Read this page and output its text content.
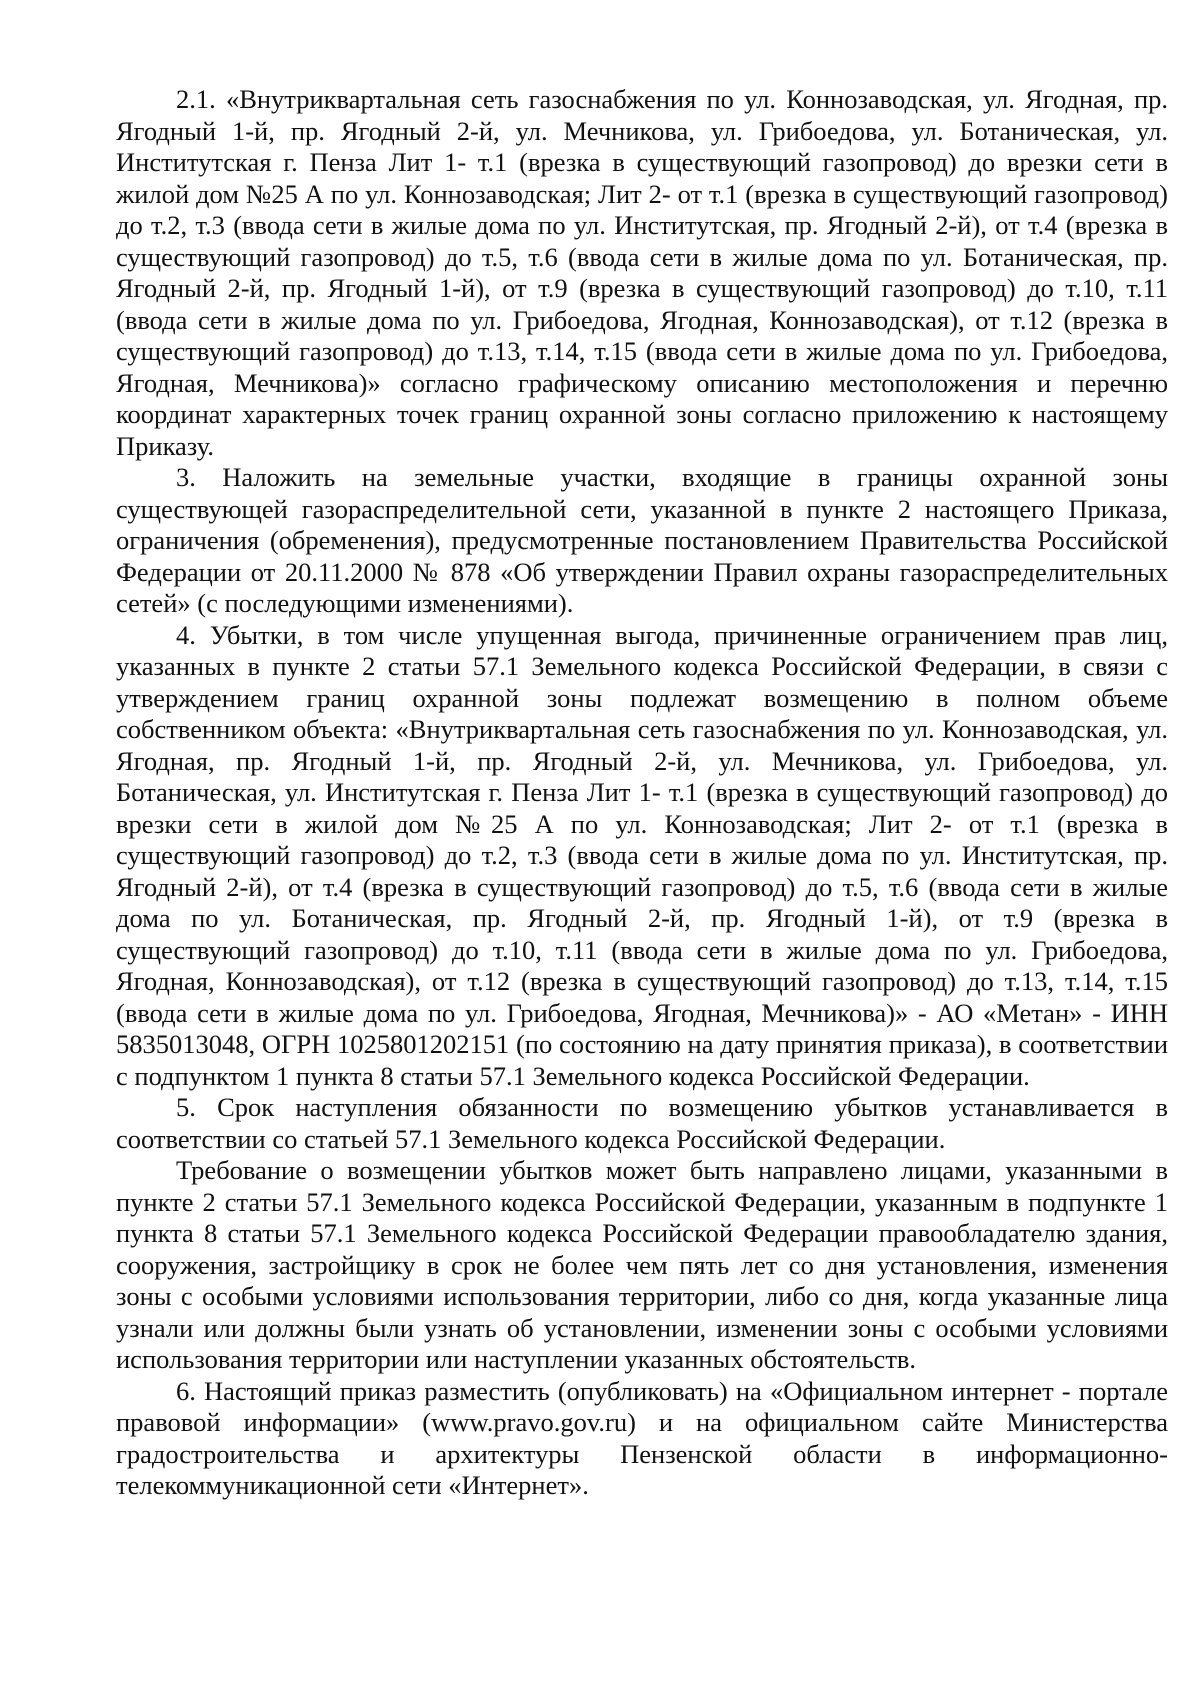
2.1. «Внутриквартальная сеть газоснабжения по ул. Коннозаводская, ул. Ягодная, пр. Ягодный 1-й, пр. Ягодный 2-й, ул. Мечникова, ул. Грибоедова, ул. Ботаническая, ул. Институтская г. Пенза Лит 1- т.1 (врезка в существующий газопровод) до врезки сети в жилой дом №25 А по ул. Коннозаводская; Лит 2- от т.1 (врезка в существующий газопровод) до т.2, т.3 (ввода сети в жилые дома по ул. Институтская, пр. Ягодный 2-й), от т.4 (врезка в существующий газопровод) до т.5, т.6 (ввода сети в жилые дома по ул. Ботаническая, пр. Ягодный 2-й, пр. Ягодный 1-й), от т.9 (врезка в существующий газопровод) до т.10, т.11 (ввода сети в жилые дома по ул. Грибоедова, Ягодная, Коннозаводская), от т.12 (врезка в существующий газопровод) до т.13, т.14, т.15 (ввода сети в жилые дома по ул. Грибоедова, Ягодная, Мечникова)» согласно графическому описанию местоположения и перечню координат характерных точек границ охранной зоны согласно приложению к настоящему Приказу.

3. Наложить на земельные участки, входящие в границы охранной зоны существующей газораспределительной сети, указанной в пункте 2 настоящего Приказа, ограничения (обременения), предусмотренные постановлением Правительства Российской Федерации от 20.11.2000 № 878 «Об утверждении Правил охраны газораспределительных сетей» (с последующими изменениями).

4. Убытки, в том числе упущенная выгода, причиненные ограничением прав лиц, указанных в пункте 2 статьи 57.1 Земельного кодекса Российской Федерации, в связи с утверждением границ охранной зоны подлежат возмещению в полном объеме собственником объекта: «Внутриквартальная сеть газоснабжения по ул. Коннозаводская, ул. Ягодная, пр. Ягодный 1-й, пр. Ягодный 2-й, ул. Мечникова, ул. Грибоедова, ул. Ботаническая, ул. Институтская г. Пенза Лит 1- т.1 (врезка в существующий газопровод) до врезки сети в жилой дом №25 А по ул. Коннозаводская; Лит 2- от т.1 (врезка в существующий газопровод) до т.2, т.3 (ввода сети в жилые дома по ул. Институтская, пр. Ягодный 2-й), от т.4 (врезка в существующий газопровод) до т.5, т.6 (ввода сети в жилые дома по ул. Ботаническая, пр. Ягодный 2-й, пр. Ягодный 1-й), от т.9 (врезка в существующий газопровод) до т.10, т.11 (ввода сети в жилые дома по ул. Грибоедова, Ягодная, Коннозаводская), от т.12 (врезка в существующий газопровод) до т.13, т.14, т.15 (ввода сети в жилые дома по ул. Грибоедова, Ягодная, Мечникова)» - АО «Метан» - ИНН 5835013048, ОГРН 1025801202151 (по состоянию на дату принятия приказа), в соответствии с подпунктом 1 пункта 8 статьи 57.1 Земельного кодекса Российской Федерации.

5. Срок наступления обязанности по возмещению убытков устанавливается в соответствии со статьей 57.1 Земельного кодекса Российской Федерации.

Требование о возмещении убытков может быть направлено лицами, указанными в пункте 2 статьи 57.1 Земельного кодекса Российской Федерации, указанным в подпункте 1 пункта 8 статьи 57.1 Земельного кодекса Российской Федерации правообладателю здания, сооружения, застройщику в срок не более чем пять лет со дня установления, изменения зоны с особыми условиями использования территории, либо со дня, когда указанные лица узнали или должны были узнать об установлении, изменении зоны с особыми условиями использования территории или наступлении указанных обстоятельств.

6. Настоящий приказ разместить (опубликовать) на «Официальном интернет - портале правовой информации» (www.pravo.gov.ru) и на официальном сайте Министерства градостроительства и архитектуры Пензенской области в информационно-телекоммуникационной сети «Интернет».
